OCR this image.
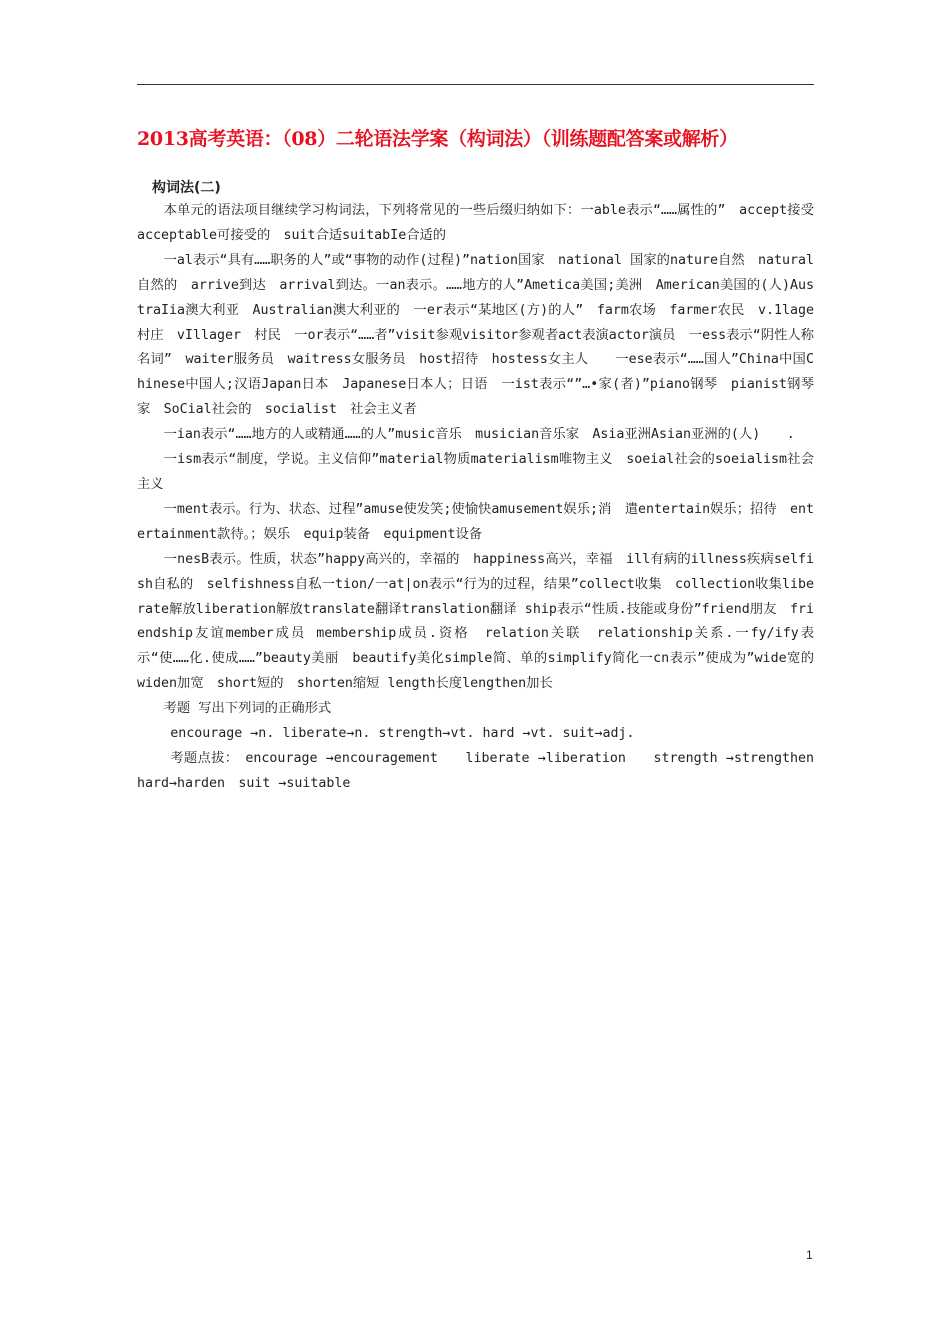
2013高考英语：（08）二轮语法学案（构词法）（训练题配答案或解析）
构词法(二)

本单元的语法项目继续学习构词法，下列将常见的一些后缀归纳如下：一able表示“……属性的”　accept接受　acceptable可接受的　suit合适suitabIe合适的

一al表示“具有……职务的人”或“事物的动作(过程)”nation国家　national 国家的nature自然　natural自然的　arrive到达　arrival到达。一an表示。……地方的人”Ametica美国;美洲　American美国的(人)AustraIia澳大利亚　Australian澳大利亚的　一er表示“某地区(方)的人”　farm农场　farmer农民　v.1lage村庄　vIllager　村民　一or表示“……者”visit参观visitor参观者act表演actor演员　一ess表示“阴性人称名词”　waiter服务员　waitress女服务员　host招待　hostess女主人　　一ese表示“……国人”China中国Chinese中国人;汉语Japan日本　Japanese日本人；日语　一ist表示“”…•家(者)”piano钢琴　pianist钢琴家　SoCial社会的　socialist　社会主义者

一ian表示“……地方的人或精通……的人”music音乐　musician音乐家　Asia亚洲Asian亚洲的(人)　　.

一ism表示“制度，学说。主义信仰”material物质materialism唯物主义　soeial社会的soeialism社会主义

一ment表示。行为、状态、过程”amuse使发笑;使愉快amusement娱乐;消　遣entertain娱乐；招待　entertainment款待。；娱乐　equip装备　equipment设备

一nesB表示。性质，状态”happy高兴的，幸福的　happiness高兴，幸福　ill有病的illness疾病selfish自私的　selfishness自私一tion/一at|on表示“行为的过程，结果”collect收集　collection收集liberate解放liberation解放translate翻译translation翻译 ship表示“性质.技能或身份”friend朋友　friendship友谊member成员 membership成员.资格　relation关联　relationship关系.一fy/ify表示“使……化.使成……”beauty美丽　beautify美化simple简、单的simplify简化一cn表示”使成为”wide宽的　widen加宽　short短的　shorten缩短 length长度lengthen加长

考题 写出下列词的正确形式

encourage →n. liberate→n. strength→vt. hard →vt. suit→adj.

考题点拔：　encourage →encouragement　　liberate →liberation　　strength →strengthen　hard→harden　suit →suitable

1
